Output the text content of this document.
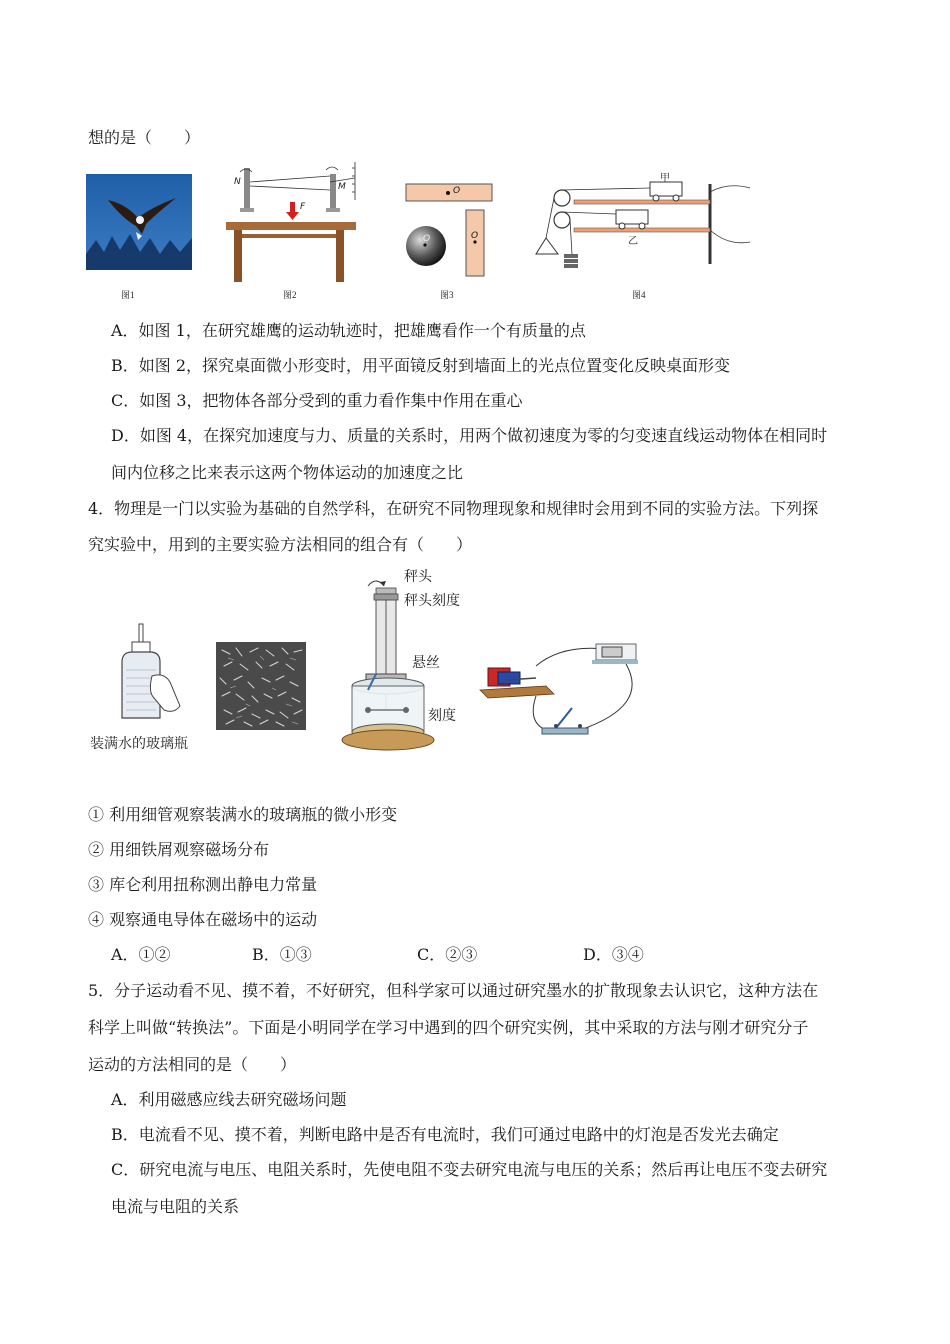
想的是（　　）
图1
N	M
F
图2
O
O	O
图3
甲
乙
图4
A．如图 1，在研究雄鹰的运动轨迹时，把雄鹰看作一个有质量的点
B．如图 2，探究桌面微小形变时，用平面镜反射到墙面上的光点位置变化反映桌面形变
C．如图 3，把物体各部分受到的重力看作集中作用在重心
D．如图 4，在探究加速度与力、质量的关系时，用两个做初速度为零的匀变速直线运动物体在相同时
间内位移之比来表示这两个物体运动的加速度之比
4．物理是一门以实验为基础的自然学科，在研究不同物理现象和规律时会用到不同的实验方法。下列探
究实验中，用到的主要实验方法相同的组合有（　　）
装满水的玻璃瓶
秤头
秤头刻度
悬丝
刻度
① 利用细管观察装满水的玻璃瓶的微小形变
② 用细铁屑观察磁场分布
③ 库仑利用扭称测出静电力常量
④ 观察通电导体在磁场中的运动
A．①②	B．①③	C．②③	D．③④
5．分子运动看不见、摸不着，不好研究，但科学家可以通过研究墨水的扩散现象去认识它，这种方法在
科学上叫做“转换法”。下面是小明同学在学习中遇到的四个研究实例，其中采取的方法与刚才研究分子
运动的方法相同的是（　　）
A．利用磁感应线去研究磁场问题
B．电流看不见、摸不着，判断电路中是否有电流时，我们可通过电路中的灯泡是否发光去确定
C．研究电流与电压、电阻关系时，先使电阻不变去研究电流与电压的关系；然后再让电压不变去研究
电流与电阻的关系
